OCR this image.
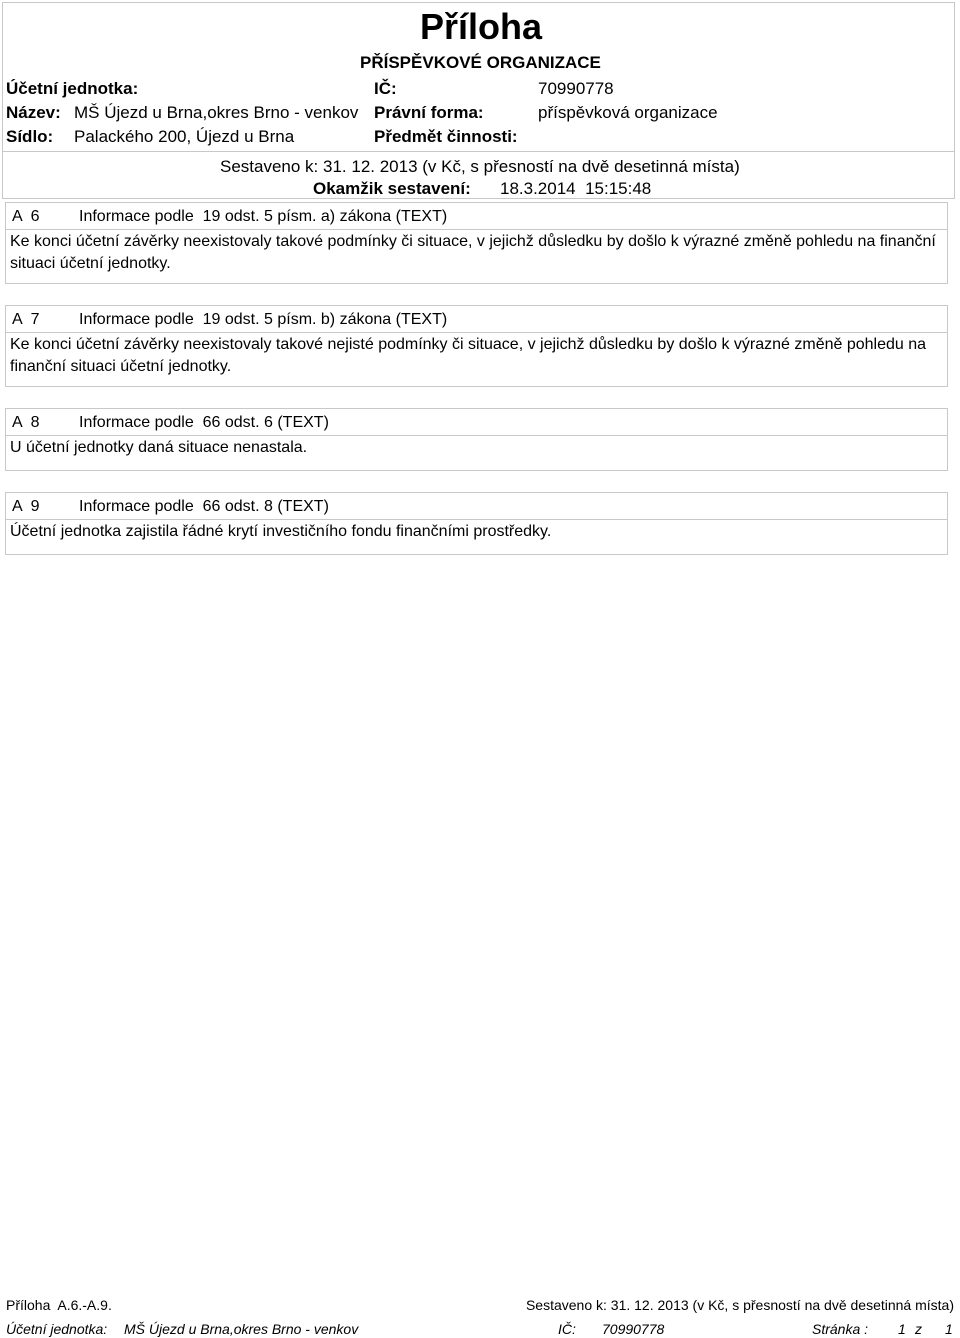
Příloha
PŘÍSPĚVKOVÉ ORGANIZACE
Účetní jednotka:	IČ:	70990778
Název: MŠ Újezd u Brna,okres Brno - venkov Právní forma:	příspěvková organizace
Sídlo: Palackého 200, Újezd u Brna	Předmět činnosti:
Sestaveno k: 31. 12. 2013 (v Kč, s přesností na dvě desetinná místa)
Okamžik sestavení: 18.3.2014  15:15:48
A  6 Informace podle  19 odst. 5 písm. a) zákona (TEXT)
Ke konci účetní závěrky neexistovaly takové podmínky či situace, v jejichž důsledku by došlo k výrazné změně pohledu na finanční situaci účetní jednotky.
A  7 Informace podle  19 odst. 5 písm. b) zákona (TEXT)
Ke konci účetní závěrky neexistovaly takové nejisté podmínky či situace, v jejichž důsledku by došlo k výrazné změně pohledu na finanční situaci účetní jednotky.
A  8 Informace podle  66 odst. 6 (TEXT)
U účetní jednotky daná situace nenastala.
A  9 Informace podle  66 odst. 8 (TEXT)
Účetní jednotka zajistila řádné krytí investičního fondu finančními prostředky.
Příloha  A.6.-A.9.	Sestaveno k: 31. 12. 2013 (v Kč, s přesností na dvě desetinná místa)
Účetní jednotka: MŠ Újezd u Brna,okres Brno - venkov	IČ: 70990778	Stránka : 1 z 1
